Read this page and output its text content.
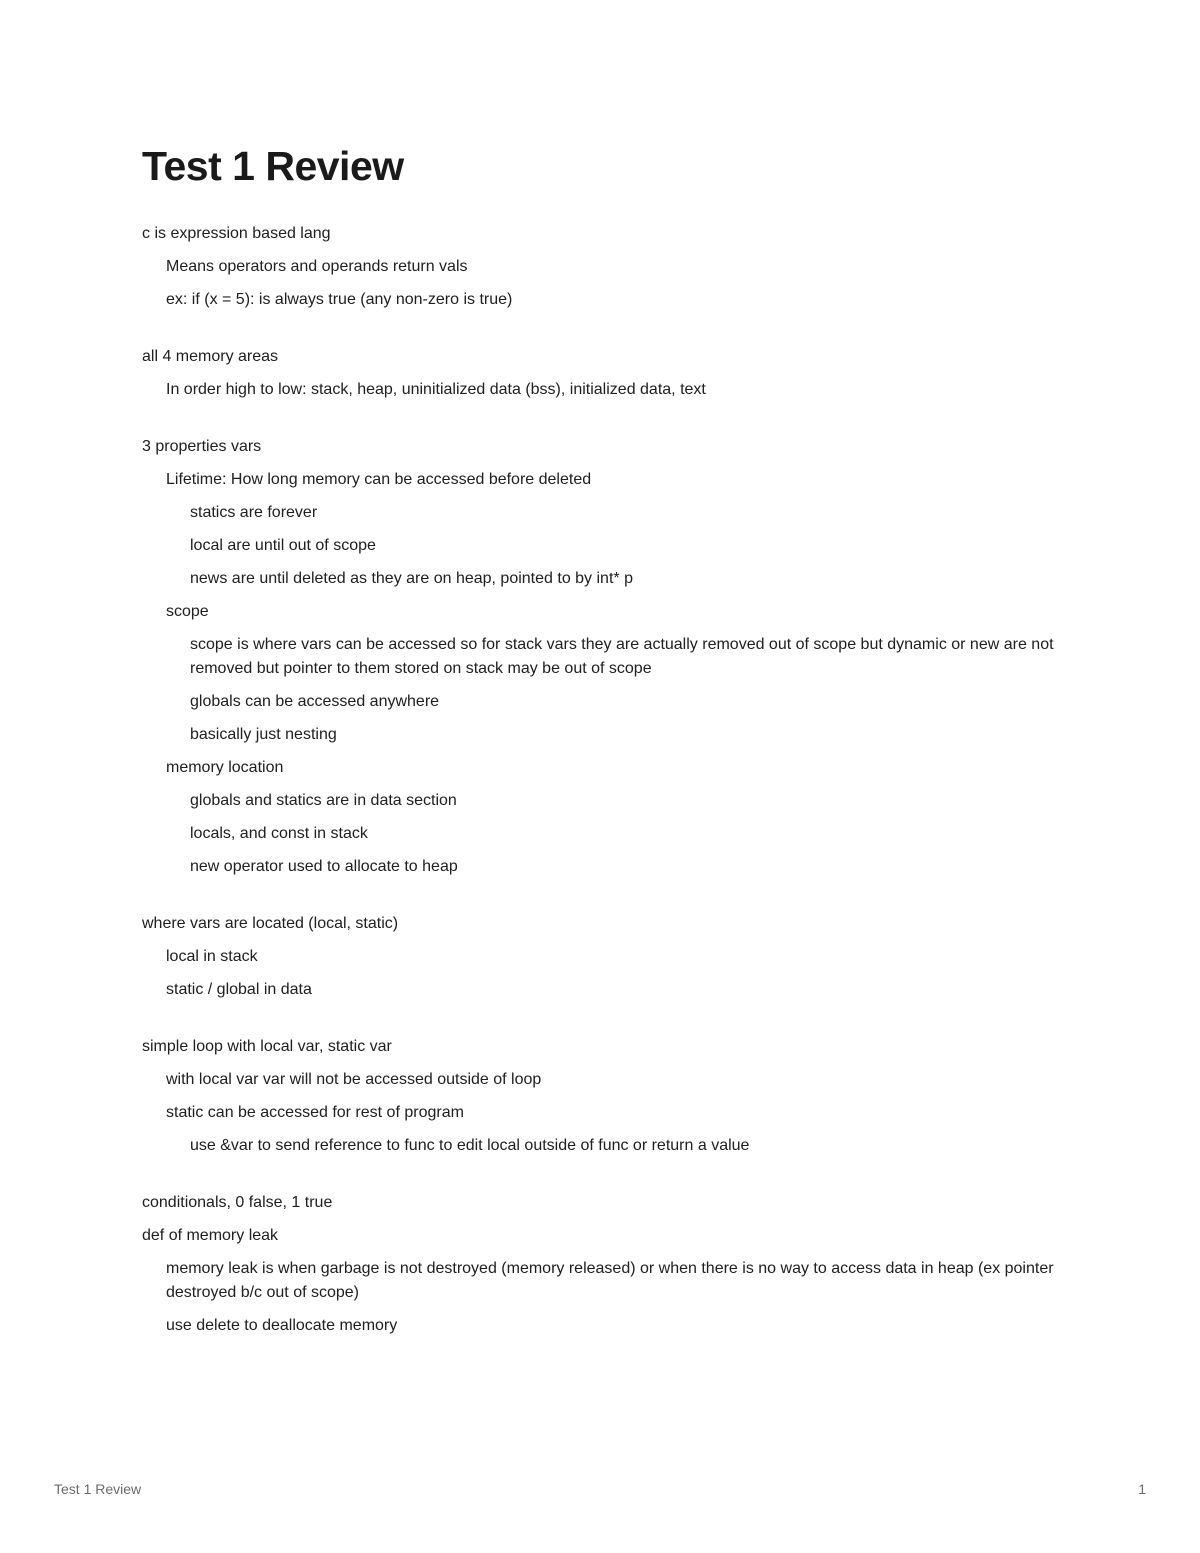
Test 1 Review
c is expression based lang
Means operators and operands return vals
ex: if (x = 5): is always true (any non-zero is true)
all 4 memory areas
In order high to low: stack, heap, uninitialized data (bss), initialized data, text
3 properties vars
Lifetime: How long memory can be accessed before deleted
statics are forever
local are until out of scope
news are until deleted as they are on heap, pointed to by int* p
scope
scope is where vars can be accessed so for stack vars they are actually removed out of scope but dynamic or new are not removed but pointer to them stored on stack may be out of scope
globals can be accessed anywhere
basically just nesting
memory location
globals and statics are in data section
locals, and const in stack
new operator used to allocate to heap
where vars are located (local, static)
local in stack
static / global in data
simple loop with local var, static var
with local var var will not be accessed outside of loop
static can be accessed for rest of program
use &var to send reference to func to edit local outside of func or return a value
conditionals, 0 false, 1 true
def of memory leak
memory leak is when garbage is not destroyed (memory released) or when there is no way to access data in heap (ex pointer destroyed b/c out of scope)
use delete to deallocate memory
Test 1 Review	1
